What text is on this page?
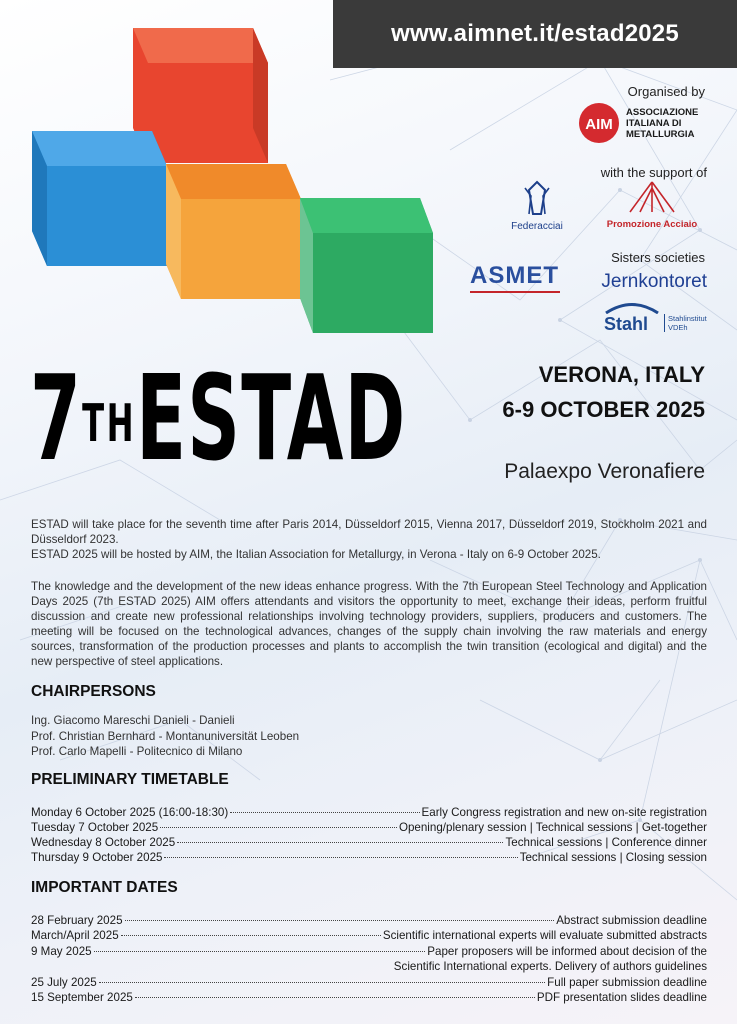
www.aimnet.it/estad2025
Organised by
AIM
ASSOCIAZIONE
ITALIANA DI
METALLURGIA
with the support of
Federacciai	Promozione Acciaio
Sisters societies
ASMET Jernkontoret
Stahl	Stahlinstitut
VDEh
7THESTAD	VERONA, ITALY
6-9 OCTOBER 2025
Palaexpo Veronafiere
ESTAD will take place for the seventh time after Paris 2014, Düsseldorf 2015, Vienna 2017, Düsseldorf 2019, Stockholm 2021 and Düsseldorf 2023.
ESTAD 2025 will be hosted by AIM, the Italian Association for Metallurgy, in Verona - Italy on 6-9 October 2025.
The knowledge and the development of the new ideas enhance progress. With the 7th European Steel Technology and Application Days 2025 (7th ESTAD 2025) AIM offers attendants and visitors the opportunity to meet, exchange their ideas, perform fruitful discussion and create new professional relationships involving technology providers, suppliers, producers and customers. The meeting will be focused on the technological advances, changes of the supply chain involving the raw materials and energy sources, transformation of the production processes and plants to accomplish the twin transition (ecological and digital) and the new perspective of steel applications.
CHAIRPERSONS
Ing. Giacomo Mareschi Danieli - Danieli
Prof. Christian Bernhard - Montanuniversität Leoben
Prof. Carlo Mapelli - Politecnico di Milano
PRELIMINARY TIMETABLE
Monday 6 October 2025 (16:00-18:30)	Early Congress registration and new on-site registration
Tuesday 7 October 2025	Opening/plenary session | Technical sessions | Get-together
Wednesday 8 October 2025	Technical sessions | Conference dinner
Thursday 9 October 2025	Technical sessions | Closing session
IMPORTANT DATES
28 February 2025	Abstract submission deadline
March/April 2025	Scientific international experts will evaluate submitted abstracts
9 May 2025	Paper proposers will be informed about decision of the
Scientific International experts. Delivery of authors guidelines
25 July 2025	Full paper submission deadline
15 September 2025	PDF presentation slides deadline
